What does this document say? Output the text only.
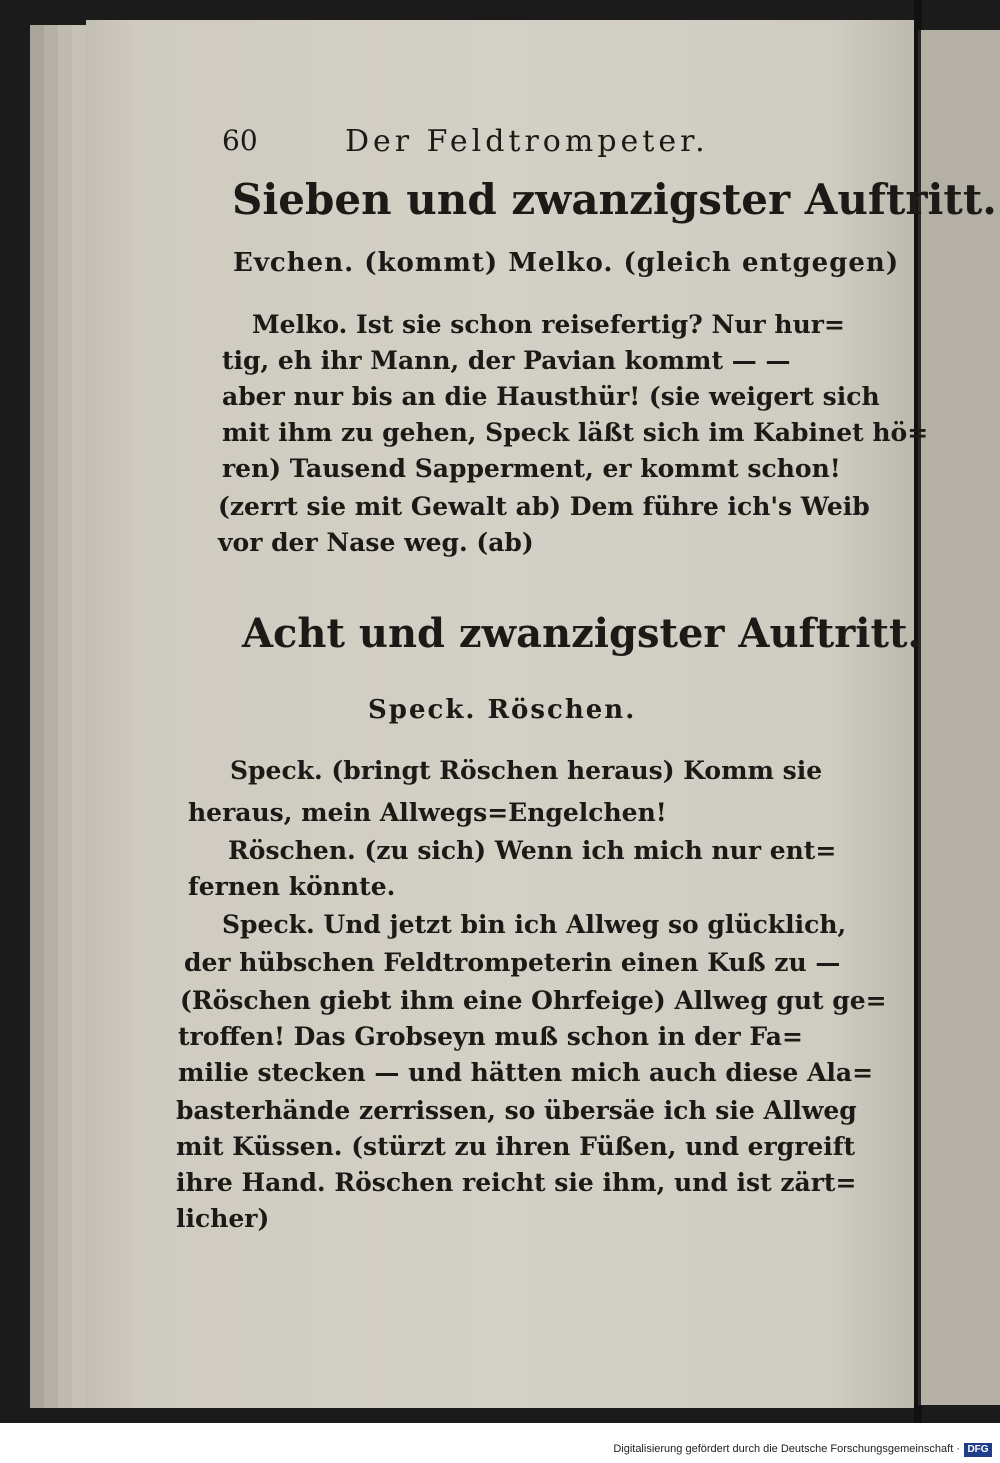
60	Der Feldtrompeter.
Sieben und zwanzigster Auftritt.
Evchen. (kommt) Melko. (gleich entgegen)
Melko. Ist sie schon reisefertig? Nur hur=
tig, eh ihr Mann, der Pavian kommt — —
aber nur bis an die Hausthür! (sie weigert sich
mit ihm zu gehen, Speck läßt sich im Kabinet hö=
ren) Tausend Sapperment, er kommt schon!
(zerrt sie mit Gewalt ab) Dem führe ich's Weib
vor der Nase weg. (ab)
Acht und zwanzigster Auftritt.
Speck. Röschen.
Speck. (bringt Röschen heraus) Komm sie
heraus, mein Allwegs=Engelchen!
Röschen. (zu sich) Wenn ich mich nur ent=
fernen könnte.
Speck. Und jetzt bin ich Allweg so glücklich,
der hübschen Feldtrompeterin einen Kuß zu —
(Röschen giebt ihm eine Ohrfeige) Allweg gut ge=
troffen! Das Grobseyn muß schon in der Fa=
milie stecken — und hätten mich auch diese Ala=
basterhände zerrissen, so übersäe ich sie Allweg
mit Küssen. (stürzt zu ihren Füßen, und ergreift
ihre Hand. Röschen reicht sie ihm, und ist zärt=
licher)
Digitalisierung gefördert durch die Deutsche Forschungsgemeinschaft · DFG
